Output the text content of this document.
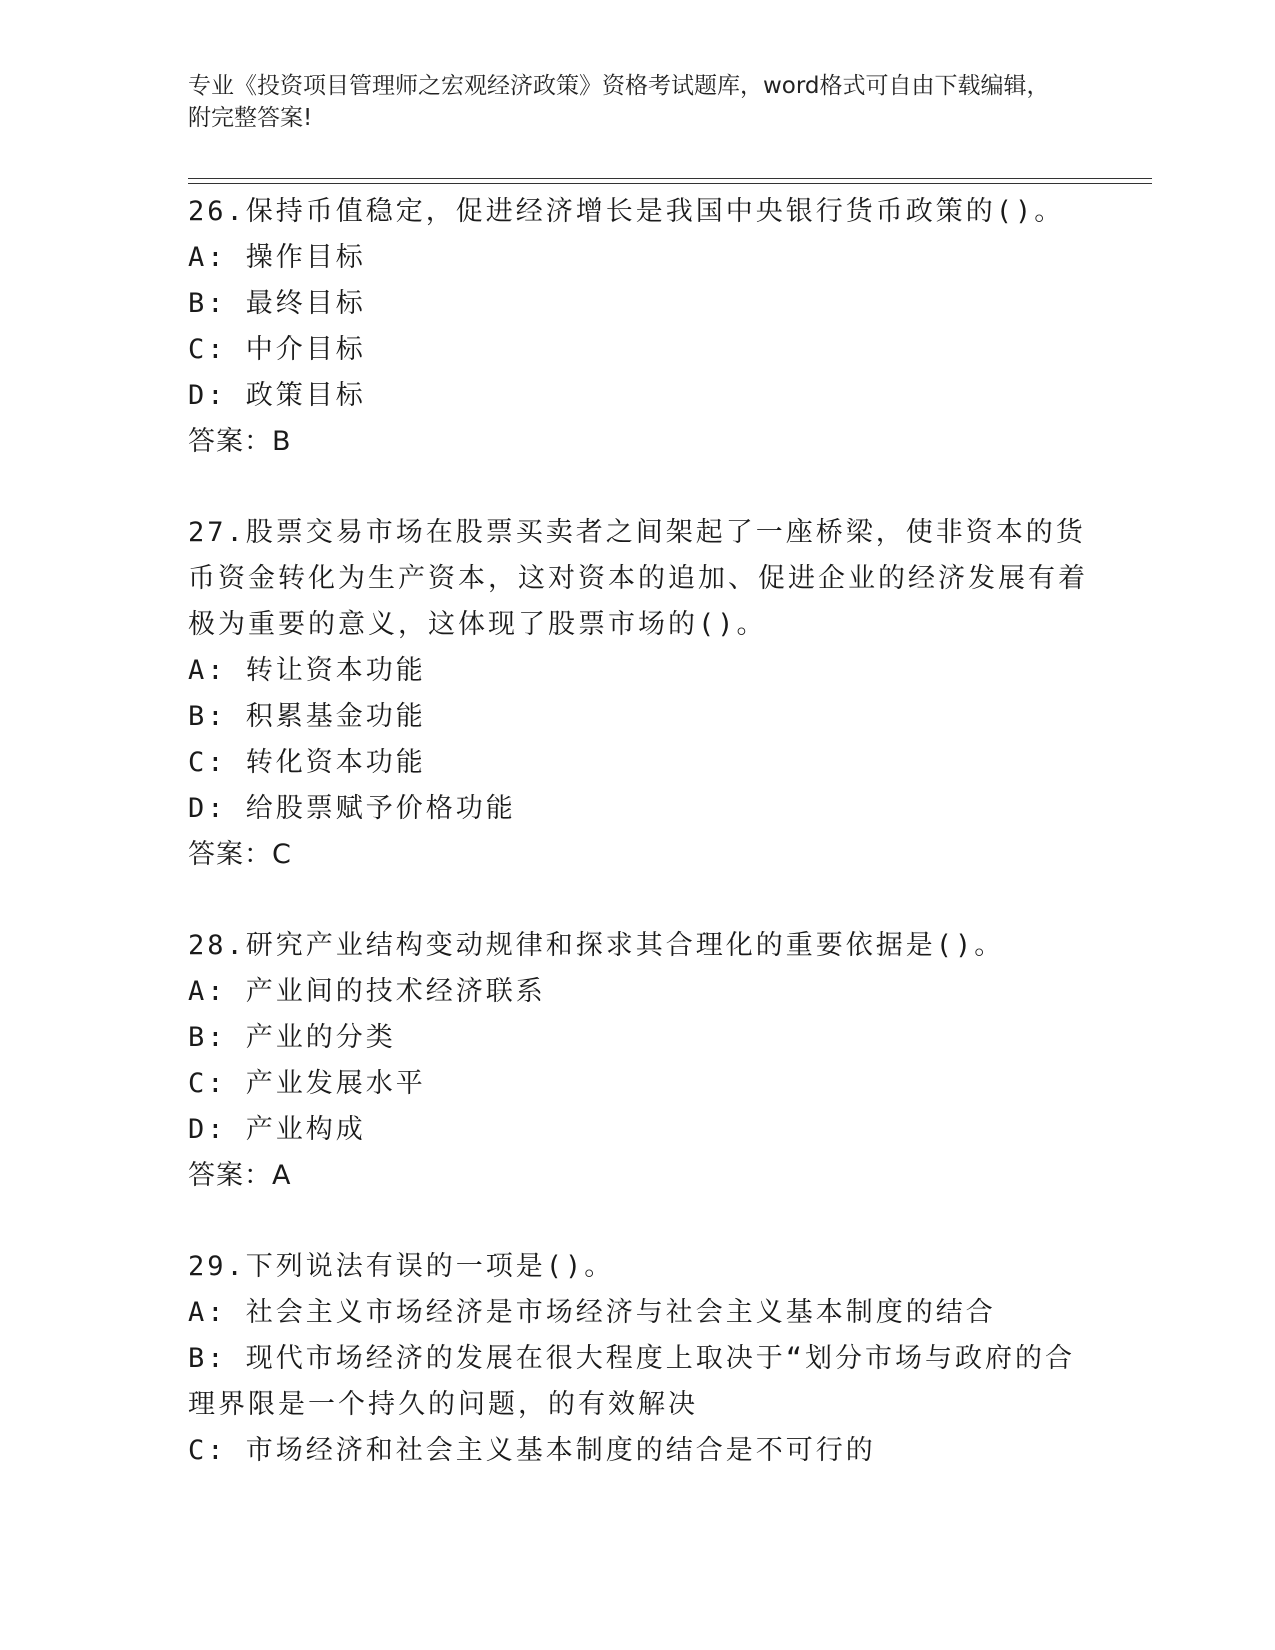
专业《投资项目管理师之宏观经济政策》资格考试题库，word格式可自由下载编辑，附完整答案!
26.保持币值稳定，促进经济增长是我国中央银行货币政策的()。
A: 操作目标
B: 最终目标
C: 中介目标
D: 政策目标
答案：B
27.股票交易市场在股票买卖者之间架起了一座桥梁，使非资本的货币资金转化为生产资本，这对资本的追加、促进企业的经济发展有着极为重要的意义，这体现了股票市场的()。
A: 转让资本功能
B: 积累基金功能
C: 转化资本功能
D: 给股票赋予价格功能
答案：C
28.研究产业结构变动规律和探求其合理化的重要依据是()。
A: 产业间的技术经济联系
B: 产业的分类
C: 产业发展水平
D: 产业构成
答案：A
29.下列说法有误的一项是()。
A: 社会主义市场经济是市场经济与社会主义基本制度的结合
B: 现代市场经济的发展在很大程度上取决于“划分市场与政府的合理界限是一个持久的问题，的有效解决
C: 市场经济和社会主义基本制度的结合是不可行的
